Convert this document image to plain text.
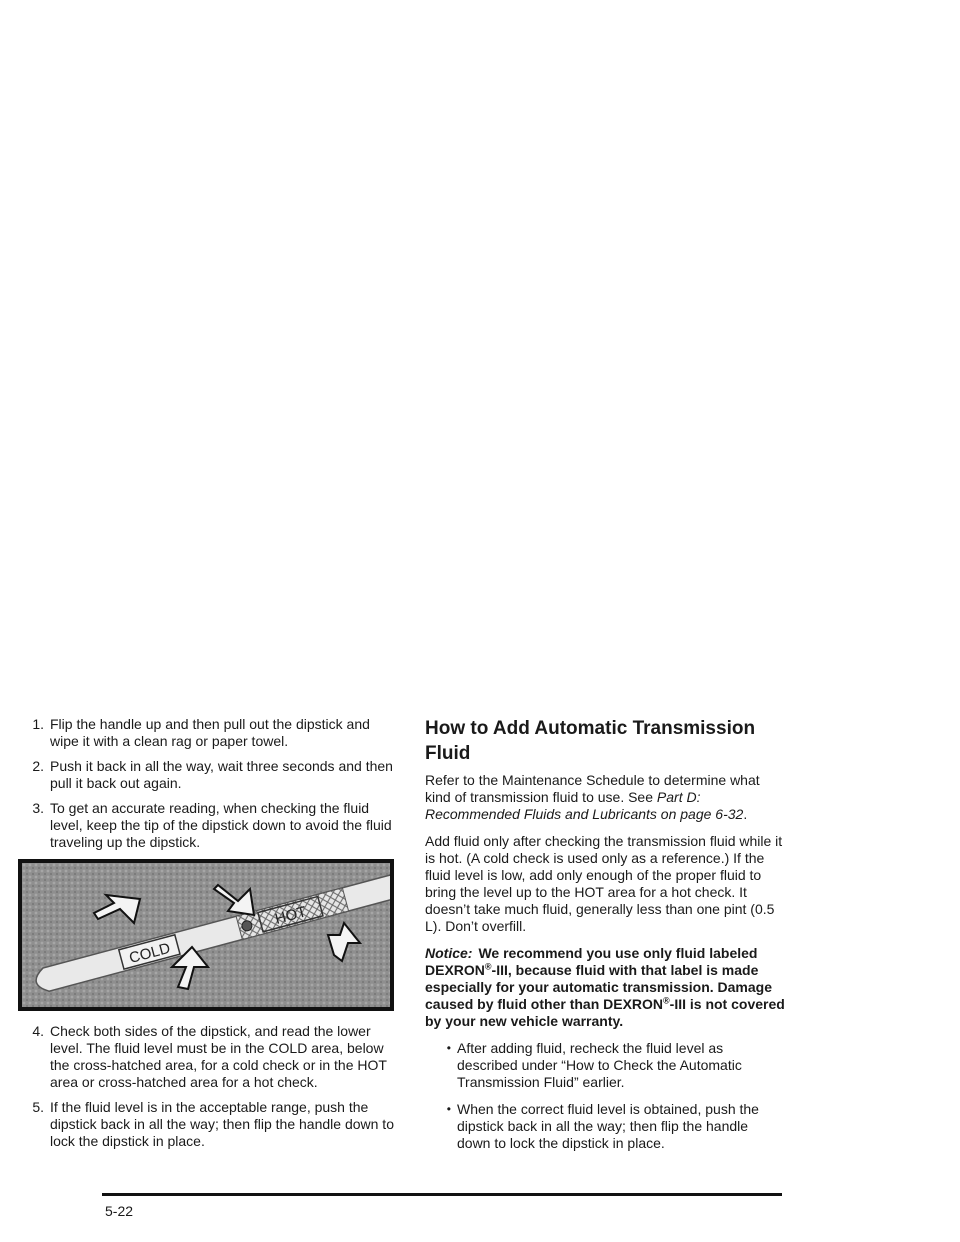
1. Flip the handle up and then pull out the dipstick and wipe it with a clean rag or paper towel.
2. Push it back in all the way, wait three seconds and then pull it back out again.
3. To get an accurate reading, when checking the fluid level, keep the tip of the dipstick down to avoid the fluid traveling up the dipstick.
COLD
HOT
4. Check both sides of the dipstick, and read the lower level. The fluid level must be in the COLD area, below the cross-hatched area, for a cold check or in the HOT area or cross-hatched area for a hot check.
5. If the fluid level is in the acceptable range, push the dipstick back in all the way; then flip the handle down to lock the dipstick in place.
How to Add Automatic Transmission Fluid

Refer to the Maintenance Schedule to determine what kind of transmission fluid to use. See Part D: Recommended Fluids and Lubricants on page 6-32.

Add fluid only after checking the transmission fluid while it is hot. (A cold check is used only as a reference.) If the fluid level is low, add only enough of the proper fluid to bring the level up to the HOT area for a hot check. It doesn’t take much fluid, generally less than one pint (0.5 L). Don’t overfill.

Notice: We recommend you use only fluid labeled DEXRON®-III, because fluid with that label is made especially for your automatic transmission. Damage caused by fluid other than DEXRON®-III is not covered by your new vehicle warranty.

• After adding fluid, recheck the fluid level as described under “How to Check the Automatic Transmission Fluid” earlier.
• When the correct fluid level is obtained, push the dipstick back in all the way; then flip the handle down to lock the dipstick in place.
5-22
